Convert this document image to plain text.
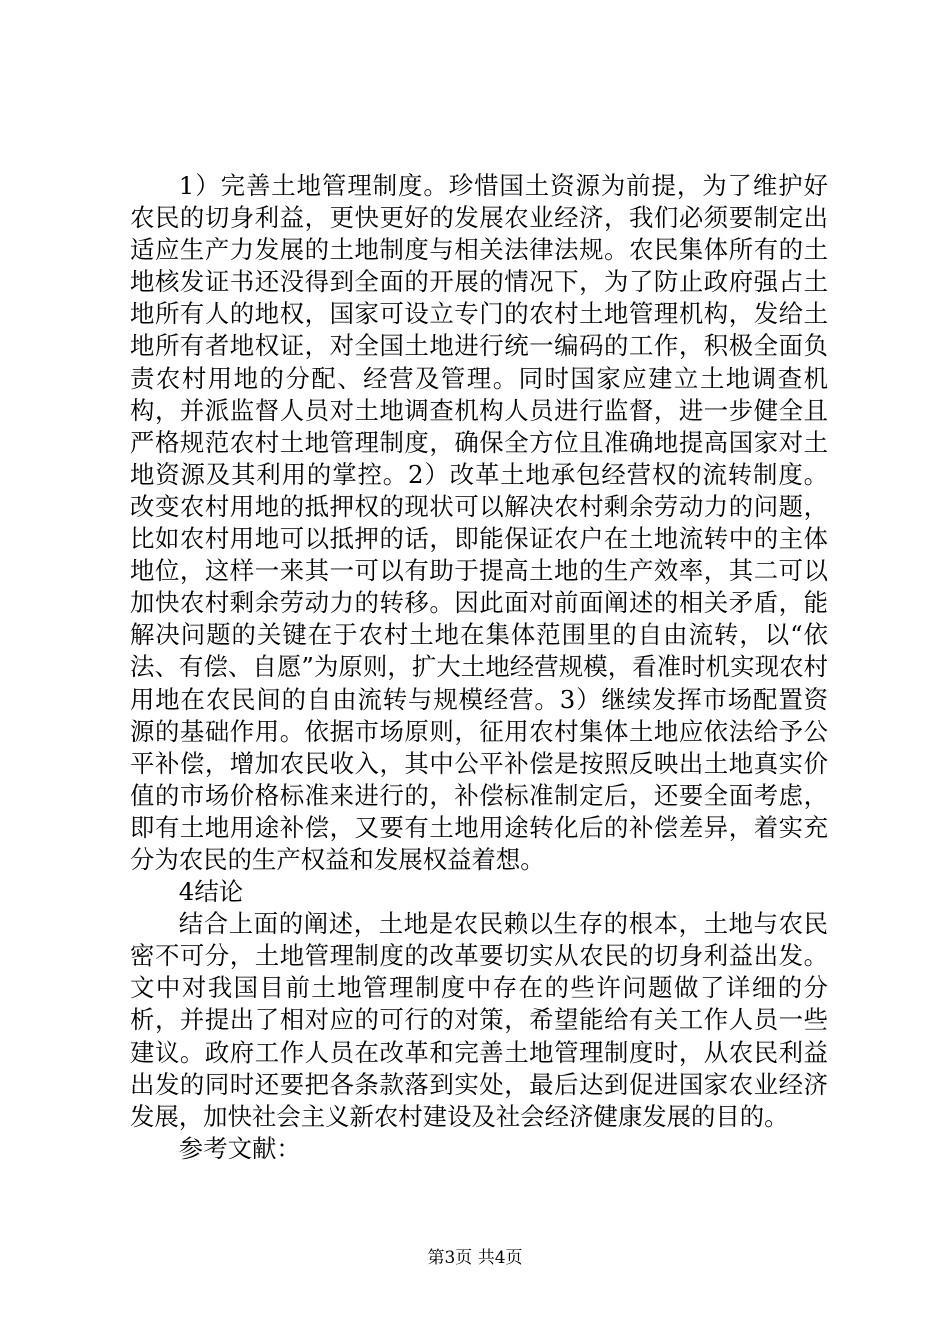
1）完善土地管理制度。珍惜国土资源为前提，为了维护好农民的切身利益，更快更好的发展农业经济，我们必须要制定出适应生产力发展的土地制度与相关法律法规。农民集体所有的土地核发证书还没得到全面的开展的情况下，为了防止政府强占土地所有人的地权，国家可设立专门的农村土地管理机构，发给土地所有者地权证，对全国土地进行统一编码的工作，积极全面负责农村用地的分配、经营及管理。同时国家应建立土地调查机构，并派监督人员对土地调查机构人员进行监督，进一步健全且严格规范农村土地管理制度，确保全方位且准确地提高国家对土地资源及其利用的掌控。2）改革土地承包经营权的流转制度。改变农村用地的抵押权的现状可以解决农村剩余劳动力的问题，比如农村用地可以抵押的话，即能保证农户在土地流转中的主体地位，这样一来其一可以有助于提高土地的生产效率，其二可以加快农村剩余劳动力的转移。因此面对前面阐述的相关矛盾，能解决问题的关键在于农村土地在集体范围里的自由流转，以“依法、有偿、自愿”为原则，扩大土地经营规模，看准时机实现农村用地在农民间的自由流转与规模经营。3）继续发挥市场配置资源的基础作用。依据市场原则，征用农村集体土地应依法给予公平补偿，增加农民收入，其中公平补偿是按照反映出土地真实价值的市场价格标准来进行的，补偿标准制定后，还要全面考虑，即有土地用途补偿，又要有土地用途转化后的补偿差异，着实充分为农民的生产权益和发展权益着想。

4结论

结合上面的阐述，土地是农民赖以生存的根本，土地与农民密不可分，土地管理制度的改革要切实从农民的切身利益出发。文中对我国目前土地管理制度中存在的些许问题做了详细的分析，并提出了相对应的可行的对策，希望能给有关工作人员一些建议。政府工作人员在改革和完善土地管理制度时，从农民利益出发的同时还要把各条款落到实处，最后达到促进国家农业经济发展，加快社会主义新农村建设及社会经济健康发展的目的。

参考文献：

第3页 共4页
